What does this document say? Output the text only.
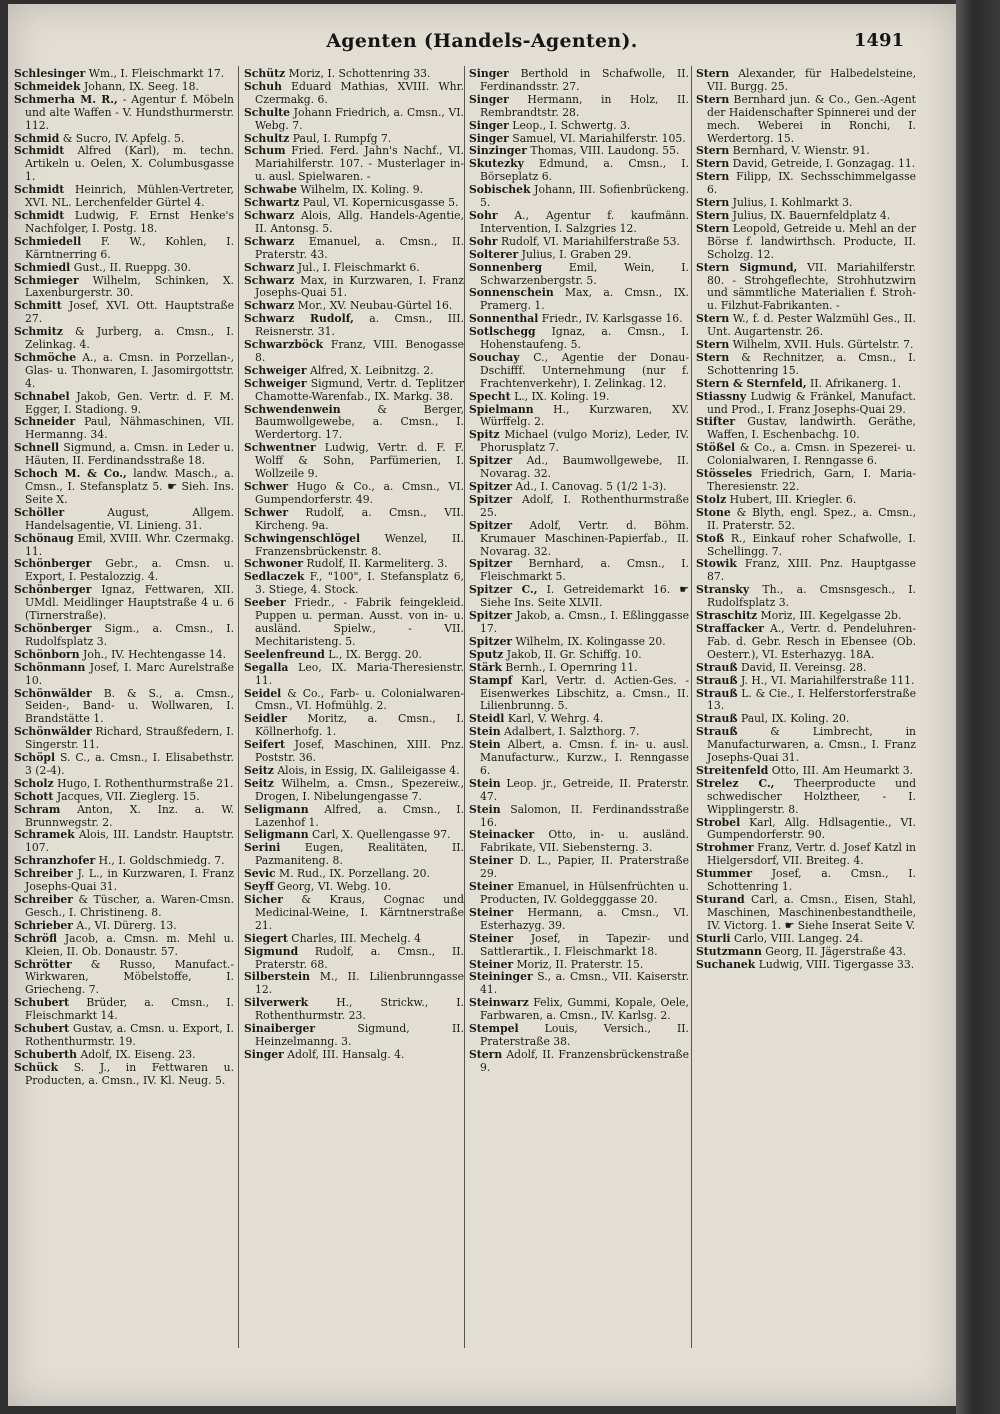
Agenten (Handels-Agenten).	1491

Schlesinger Wm., I. Fleischmarkt 17.

Schmeidek Johann, IX. Seeg. 18.

Schmerha M. R., - Agentur f. Möbeln und alte Waffen - V. Hundsthurmerstr. 112.

Schmid & Sucro, IV. Apfelg. 5.

Schmidt Alfred (Karl), m. techn. Artikeln u. Oelen, X. Columbusgasse 1.

Schmidt Heinrich, Mühlen-Vertreter, XVI. NL. Lerchenfelder Gürtel 4.

Schmidt Ludwig, F. Ernst Henke's Nachfolger, I. Postg. 18.

Schmiedell F. W., Kohlen, I. Kärntnerring 6.

Schmiedl Gust., II. Rueppg. 30.

Schmieger Wilhelm, Schinken, X. Laxenburgerstr. 30.

Schmitt Josef, XVI. Ott. Hauptstraße 27.

Schmitz & Jurberg, a. Cmsn., I. Zelinkag. 4.

Schmöche A., a. Cmsn. in Porzellan-, Glas- u. Thonwaren, I. Jasomirgottstr. 4.

Schnabel Jakob, Gen. Vertr. d. F. M. Egger, I. Stadiong. 9.

Schneider Paul, Nähmaschinen, VII. Hermanng. 34.

Schnell Sigmund, a. Cmsn. in Leder u. Häuten, II. Ferdinandsstraße 18.

Schoch M. & Co., landw. Masch., a. Cmsn., I. Stefansplatz 5. ☛ Sieh. Ins. Seite X.

Schöller August, Allgem. Handelsagentie, VI. Linieng. 31.

Schönaug Emil, XVIII. Whr. Czermakg. 11.

Schönberger Gebr., a. Cmsn. u. Export, I. Pestalozzig. 4.

Schönberger Ignaz, Fettwaren, XII. UMdl. Meidlinger Hauptstraße 4 u. 6 (Tirnerstraße).

Schönberger Sigm., a. Cmsn., I. Rudolfsplatz 3.

Schönborn Joh., IV. Hechtengasse 14.

Schönmann Josef, I. Marc Aurelstraße 10.

Schönwälder B. & S., a. Cmsn., Seiden-, Band- u. Wollwaren, I. Brandstätte 1.

Schönwälder Richard, Straußfedern, I. Singerstr. 11.

Schöpl S. C., a. Cmsn., I. Elisabethstr. 3 (2-4).

Scholz Hugo, I. Rothenthurmstraße 21.

Schott Jacques, VII. Zieglerg. 15.

Schram Anton, X. Inz. a. W. Brunnwegstr. 2.

Schramek Alois, III. Landstr. Hauptstr. 107.

Schranzhofer H., I. Goldschmiedg. 7.

Schreiber J. L., in Kurzwaren, I. Franz Josephs-Quai 31.

Schreiber & Tüscher, a. Waren-Cmsn. Gesch., I. Christineng. 8.

Schrieber A., VI. Dürerg. 13.

Schröfl Jacob, a. Cmsn. m. Mehl u. Kleien, II. Ob. Donaustr. 57.

Schrötter & Russo, Manufact.-Wirkwaren, Möbelstoffe, I. Griecheng. 7.

Schubert Brüder, a. Cmsn., I. Fleischmarkt 14.

Schubert Gustav, a. Cmsn. u. Export, I. Rothenthurmstr. 19.

Schuberth Adolf, IX. Eiseng. 23.

Schück S. J., in Fettwaren u. Producten, a. Cmsn., IV. Kl. Neug. 5.

Schütz Moriz, I. Schottenring 33.

Schuh Eduard Mathias, XVIII. Whr. Czermakg. 6.

Schulte Johann Friedrich, a. Cmsn., VI. Webg. 7.

Schultz Paul, I. Rumpfg 7.

Schum Fried. Ferd. Jahn's Nachf., VI. Mariahilferstr. 107. - Musterlager in- u. ausl. Spielwaren. -

Schwabe Wilhelm, IX. Koling. 9.

Schwartz Paul, VI. Kopernicusgasse 5.

Schwarz Alois, Allg. Handels-Agentie, II. Antonsg. 5.

Schwarz Emanuel, a. Cmsn., II. Praterstr. 43.

Schwarz Jul., I. Fleischmarkt 6.

Schwarz Max, in Kurzwaren, I. Franz Josephs-Quai 51.

Schwarz Mor., XV. Neubau-Gürtel 16.

Schwarz Rudolf, a. Cmsn., III. Reisnerstr. 31.

Schwarzböck Franz, VIII. Benogasse 8.

Schweiger Alfred, X. Leibnitzg. 2.

Schweiger Sigmund, Vertr. d. Teplitzer Chamotte-Warenfab., IX. Markg. 38.

Schwendenwein & Berger, Baumwollgewebe, a. Cmsn., I. Werdertorg. 17.

Schwentner Ludwig, Vertr. d. F. F. Wolff & Sohn, Parfümerien, I. Wollzeile 9.

Schwer Hugo & Co., a. Cmsn., VI. Gumpendorferstr. 49.

Schwer Rudolf, a. Cmsn., VII. Kircheng. 9a.

Schwingenschlögel Wenzel, II. Franzensbrückenstr. 8.

Schwoner Rudolf, II. Karmeliterg. 3.

Sedlaczek F., "100", I. Stefansplatz 6, 3. Stiege, 4. Stock.

Seeber Friedr., - Fabrik feingekleid. Puppen u. perman. Ausst. von in- u. ausländ. Spielw., - VII. Mechitaristeng. 5.

Seelenfreund L., IX. Bergg. 20.

Segalla Leo, IX. Maria-Theresienstr. 11.

Seidel & Co., Farb- u. Colonialwaren-Cmsn., VI. Hofmühlg. 2.

Seidler Moritz, a. Cmsn., I. Köllnerhofg. 1.

Seifert Josef, Maschinen, XIII. Pnz. Poststr. 36.

Seitz Alois, in Essig, IX. Galileigasse 4.

Seitz Wilhelm, a. Cmsn., Spezereiw., Drogen, I. Nibelungengasse 7.

Seligmann Alfred, a. Cmsn., I. Lazenhof 1.

Seligmann Carl, X. Quellengasse 97.

Serini Eugen, Realitäten, II. Pazmaniteng. 8.

Sevic M. Rud., IX. Porzellang. 20.

Seyff Georg, VI. Webg. 10.

Sicher & Kraus, Cognac und Medicinal-Weine, I. Kärntnerstraße 21.

Siegert Charles, III. Mechelg. 4

Sigmund Rudolf, a. Cmsn., II. Praterstr. 68.

Silberstein M., II. Lilienbrunngasse 12.

Silverwerk H., Strickw., I. Rothenthurmstr. 23.

Sinaiberger Sigmund, II. Heinzelmanng. 3.

Singer Adolf, III. Hansalg. 4.

Singer Berthold in Schafwolle, II. Ferdinandsstr. 27.

Singer Hermann, in Holz, II. Rembrandtstr. 28.

Singer Leop., I. Schwertg. 3.

Singer Samuel, VI. Mariahilferstr. 105.

Sinzinger Thomas, VIII. Laudong. 55.

Skutezky Edmund, a. Cmsn., I. Börseplatz 6.

Sobischek Johann, III. Sofienbrückeng. 5.

Sohr A., Agentur f. kaufmänn. Intervention, I. Salzgries 12.

Sohr Rudolf, VI. Mariahilferstraße 53.

Solterer Julius, I. Graben 29.

Sonnenberg Emil, Wein, I. Schwarzenbergstr. 5.

Sonnenschein Max, a. Cmsn., IX. Pramerg. 1.

Sonnenthal Friedr., IV. Karlsgasse 16.

Sotlschegg Ignaz, a. Cmsn., I. Hohenstaufeng. 5.

Souchay C., Agentie der Donau-Dschifff. Unternehmung (nur f. Frachtenverkehr), I. Zelinkag. 12.

Specht L., IX. Koling. 19.

Spielmann H., Kurzwaren, XV. Würffelg. 2.

Spitz Michael (vulgo Moriz), Leder, IV. Phorusplatz 7.

Spitzer Ad., Baumwollgewebe, II. Novarag. 32.

Spitzer Ad., I. Canovag. 5 (1/2 1-3).

Spitzer Adolf, I. Rothenthurmstraße 25.

Spitzer Adolf, Vertr. d. Böhm. Krumauer Maschinen-Papierfab., II. Novarag. 32.

Spitzer Bernhard, a. Cmsn., I. Fleischmarkt 5.

Spitzer C., I. Getreidemarkt 16. ☛ Siehe Ins. Seite XLVII.

Spitzer Jakob, a. Cmsn., I. Eßlinggasse 17.

Spitzer Wilhelm, IX. Kolingasse 20.

Sputz Jakob, II. Gr. Schiffg. 10.

Stärk Bernh., I. Opernring 11.

Stampf Karl, Vertr. d. Actien-Ges. - Eisenwerkes Libschitz, a. Cmsn., II. Lilienbrunng. 5.

Steidl Karl, V. Wehrg. 4.

Stein Adalbert, I. Salzthorg. 7.

Stein Albert, a. Cmsn. f. in- u. ausl. Manufacturw., Kurzw., I. Renngasse 6.

Stein Leop. jr., Getreide, II. Praterstr. 47.

Stein Salomon, II. Ferdinandsstraße 16.

Steinacker Otto, in- u. ausländ. Fabrikate, VII. Siebensterng. 3.

Steiner D. L., Papier, II. Praterstraße 29.

Steiner Emanuel, in Hülsenfrüchten u. Producten, IV. Goldegggasse 20.

Steiner Hermann, a. Cmsn., VI. Esterhazyg. 39.

Steiner Josef, in Tapezir- und Sattlerartik., I. Fleischmarkt 18.

Steiner Moriz, II. Praterstr. 15.

Steininger S., a. Cmsn., VII. Kaiserstr. 41.

Steinwarz Felix, Gummi, Kopale, Oele, Farbwaren, a. Cmsn., IV. Karlsg. 2.

Stempel Louis, Versich., II. Praterstraße 38.

Stern Adolf, II. Franzensbrückenstraße 9.

Stern Alexander, für Halbedelsteine, VII. Burgg. 25.

Stern Bernhard jun. & Co., Gen.-Agent der Haidenschafter Spinnerei und der mech. Weberei in Ronchi, I. Werdertorg. 15.

Stern Bernhard, V. Wienstr. 91.

Stern David, Getreide, I. Gonzagag. 11.

Stern Filipp, IX. Sechsschimmelgasse 6.

Stern Julius, I. Kohlmarkt 3.

Stern Julius, IX. Bauernfeldplatz 4.

Stern Leopold, Getreide u. Mehl an der Börse f. landwirthsch. Producte, II. Scholzg. 12.

Stern Sigmund, VII. Mariahilferstr. 80. - Strohgeflechte, Strohhutzwirn und sämmtliche Materialien f. Stroh- u. Filzhut-Fabrikanten. -

Stern W., f. d. Pester Walzmühl Ges., II. Unt. Augartenstr. 26.

Stern Wilhelm, XVII. Huls. Gürtelstr. 7.

Stern & Rechnitzer, a. Cmsn., I. Schottenring 15.

Stern & Sternfeld, II. Afrikanerg. 1.

Stiassny Ludwig & Fränkel, Manufact. und Prod., I. Franz Josephs-Quai 29.

Stifter Gustav, landwirth. Geräthe, Waffen, I. Eschenbachg. 10.

Stößel & Co., a. Cmsn. in Spezerei- u. Colonialwaren, I. Renngasse 6.

Stösseles Friedrich, Garn, I. Maria-Theresienstr. 22.

Stolz Hubert, III. Kriegler. 6.

Stone & Blyth, engl. Spez., a. Cmsn., II. Praterstr. 52.

Stoß R., Einkauf roher Schafwolle, I. Schellingg. 7.

Stowik Franz, XIII. Pnz. Hauptgasse 87.

Stransky Th., a. Cmsnsgesch., I. Rudolfsplatz 3.

Straschitz Moriz, III. Kegelgasse 2b.

Straffacker A., Vertr. d. Pendeluhren-Fab. d. Gebr. Resch in Ebensee (Ob. Oesterr.), VI. Esterhazyg. 18A.

Strauß David, II. Vereinsg. 28.

Strauß J. H., VI. Mariahilferstraße 111.

Strauß L. & Cie., I. Helferstorferstraße 13.

Strauß Paul, IX. Koling. 20.

Strauß & Limbrecht, in Manufacturwaren, a. Cmsn., I. Franz Josephs-Quai 31.

Streitenfeld Otto, III. Am Heumarkt 3.

Strelez C., Theerproducte und schwedischer Holztheer, - I. Wipplingerstr. 8.

Strobel Karl, Allg. Hdlsagentie., VI. Gumpendorferstr. 90.

Strohmer Franz, Vertr. d. Josef Katzl in Hielgersdorf, VII. Breiteg. 4.

Stummer Josef, a. Cmsn., I. Schottenring 1.

Sturand Carl, a. Cmsn., Eisen, Stahl, Maschinen, Maschinenbestandtheile, IV. Victorg. 1. ☛ Siehe Inserat Seite V.

Sturli Carlo, VIII. Langeg. 24.

Stutzmann Georg, II. Jägerstraße 43.

Suchanek Ludwig, VIII. Tigergasse 33.
